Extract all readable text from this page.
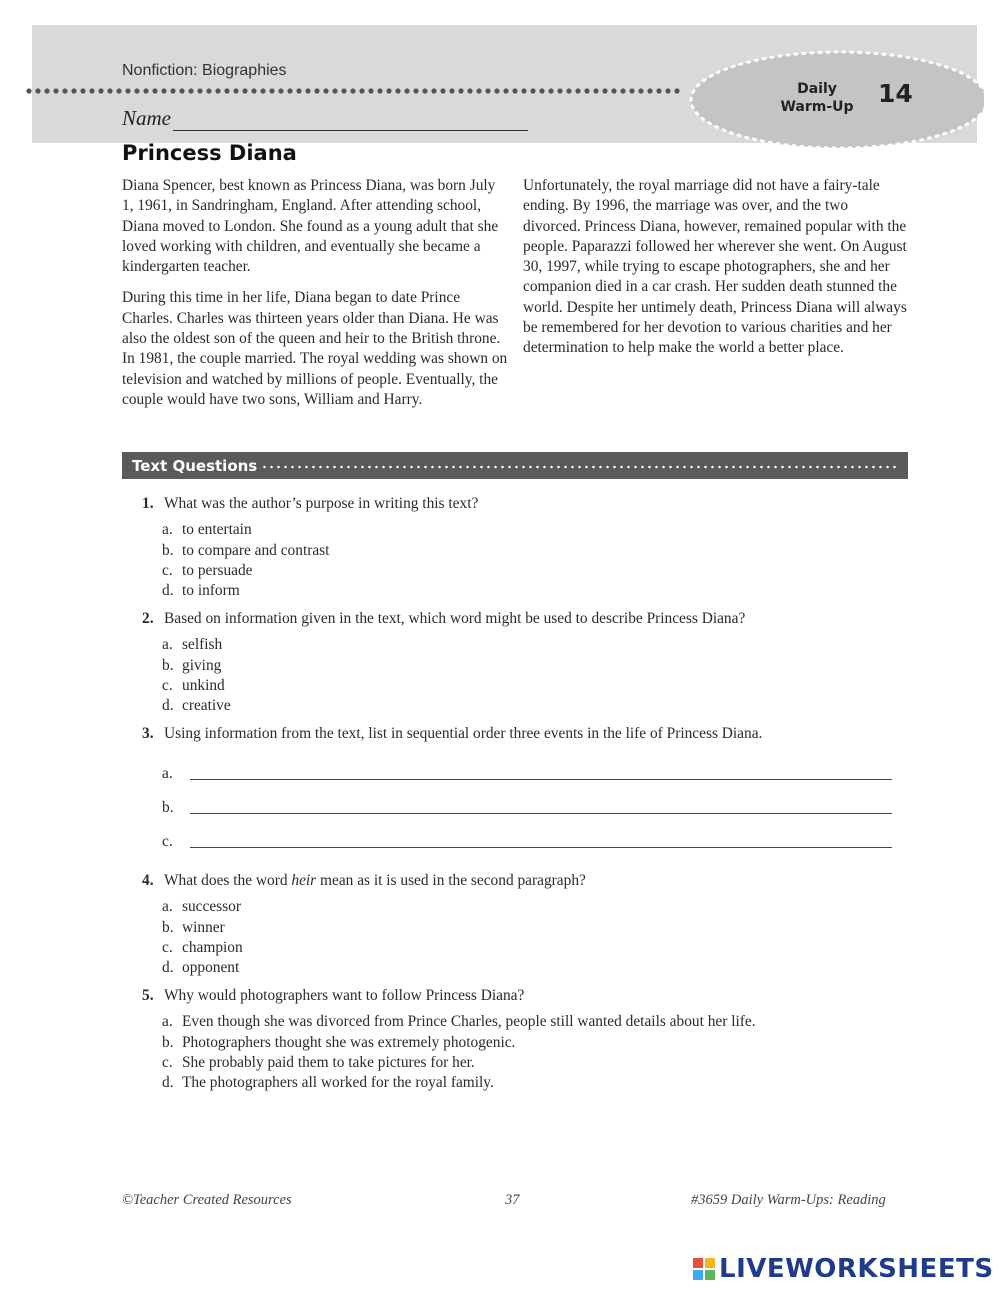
Nonfiction: Biographies
Daily
Warm-Up 14
Name
Princess Diana

Diana Spencer, best known as Princess Diana, was born July 1, 1961, in Sandringham, England. After attending school, Diana moved to London. She found as a young adult that she loved working with children, and eventually she became a kindergarten teacher.

During this time in her life, Diana began to date Prince Charles. Charles was thirteen years older than Diana. He was also the oldest son of the queen and heir to the British throne. In 1981, the couple married. The royal wedding was shown on television and watched by millions of people. Eventually, the couple would have two sons, William and Harry.

Unfortunately, the royal marriage did not have a fairy-tale ending. By 1996, the marriage was over, and the two divorced. Princess Diana, however, remained popular with the people. Paparazzi followed her wherever she went. On August 30, 1997, while trying to escape photographers, she and her companion died in a car crash. Her sudden death stunned the world. Despite her untimely death, Princess Diana will always be remembered for her devotion to various charities and her determination to help make the world a better place.

Text Questions
1. What was the author’s purpose in writing this text?
a. to entertain
b. to compare and contrast
c. to persuade
d. to inform
2. Based on information given in the text, which word might be used to describe Princess Diana?
a. selfish
b. giving
c. unkind
d. creative
3. Using information from the text, list in sequential order three events in the life of Princess Diana.
a.
b.
c.
4. What does the word heir mean as it is used in the second paragraph?
a. successor
b. winner
c. champion
d. opponent
5. Why would photographers want to follow Princess Diana?
a. Even though she was divorced from Prince Charles, people still wanted details about her life.
b. Photographers thought she was extremely photogenic.
c. She probably paid them to take pictures for her.
d. The photographers all worked for the royal family.
©Teacher Created Resources	37	#3659 Daily Warm-Ups: Reading
LIVEWORKSHEETS
